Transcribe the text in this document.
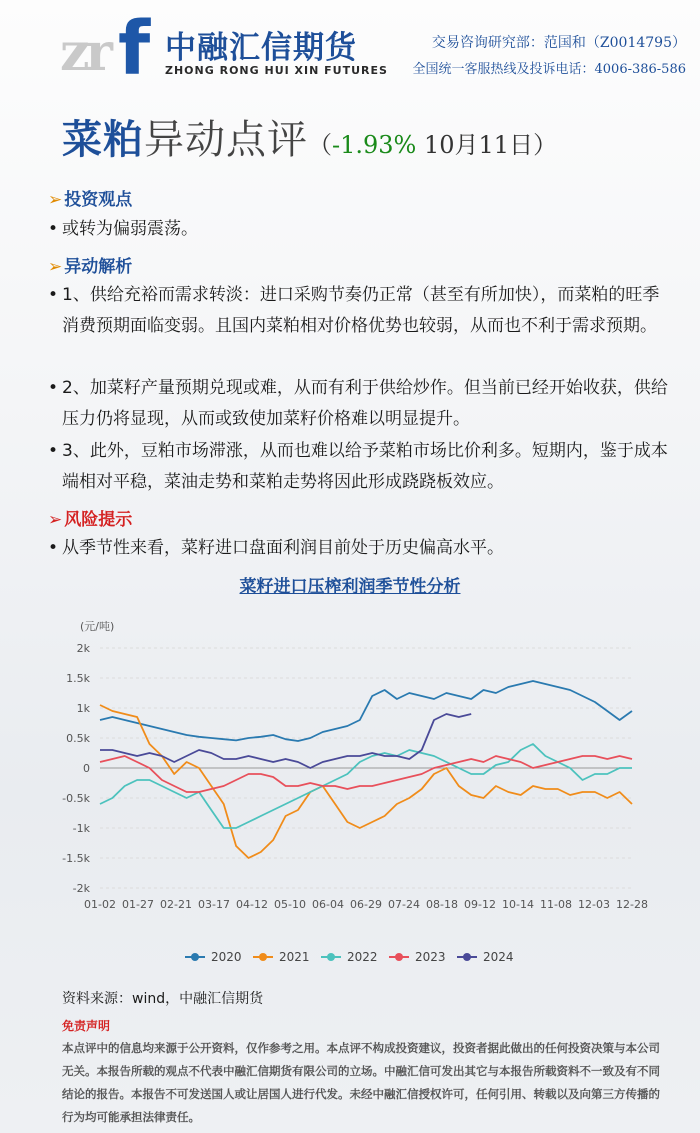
zr f 中融汇信期货
ZHONG RONG HUI XIN FUTURES
交易咨询研究部：范国和（Z0014795）
全国统一客服热线及投诉电话：4006-386-586
菜粕异动点评（-1.93% 10月11日）
➢ 投资观点
• 或转为偏弱震荡。
➢ 异动解析
• 1、供给充裕而需求转淡：进口采购节奏仍正常（甚至有所加快），而菜粕的旺季消费预期面临变弱。且国内菜粕相对价格优势也较弱，从而也不利于需求预期。
• 2、加菜籽产量预期兑现或难，从而有利于供给炒作。但当前已经开始收获，供给压力仍将显现，从而或致使加菜籽价格难以明显提升。
• 3、此外，豆粕市场滞涨，从而也难以给予菜粕市场比价利多。短期内，鉴于成本端相对平稳，菜油走势和菜粕走势将因此形成跷跷板效应。
➢ 风险提示
• 从季节性来看，菜籽进口盘面利润目前处于历史偏高水平。
菜籽进口压榨利润季节性分析
(元/吨)
-2k
-1.5k
-1k
-0.5k
0
0.5k
1k
1.5k
2k
01-02 01-27 02-21 03-17 04-12 05-10 06-04 06-29 07-24 08-18 09-12 10-14 11-08 12-03 12-28
2020	2021	2022	2023	2024
资料来源：wind，中融汇信期货
免责声明
本点评中的信息均来源于公开资料，仅作参考之用。本点评不构成投资建议，投资者据此做出的任何投资决策与本公司无关。本报告所载的观点不代表中融汇信期货有限公司的立场。中融汇信可发出其它与本报告所载资料不一致及有不同结论的报告。本报告不可发送国人或让居国人进行代发。未经中融汇信授权许可，任何引用、转载以及向第三方传播的行为均可能承担法律责任。
